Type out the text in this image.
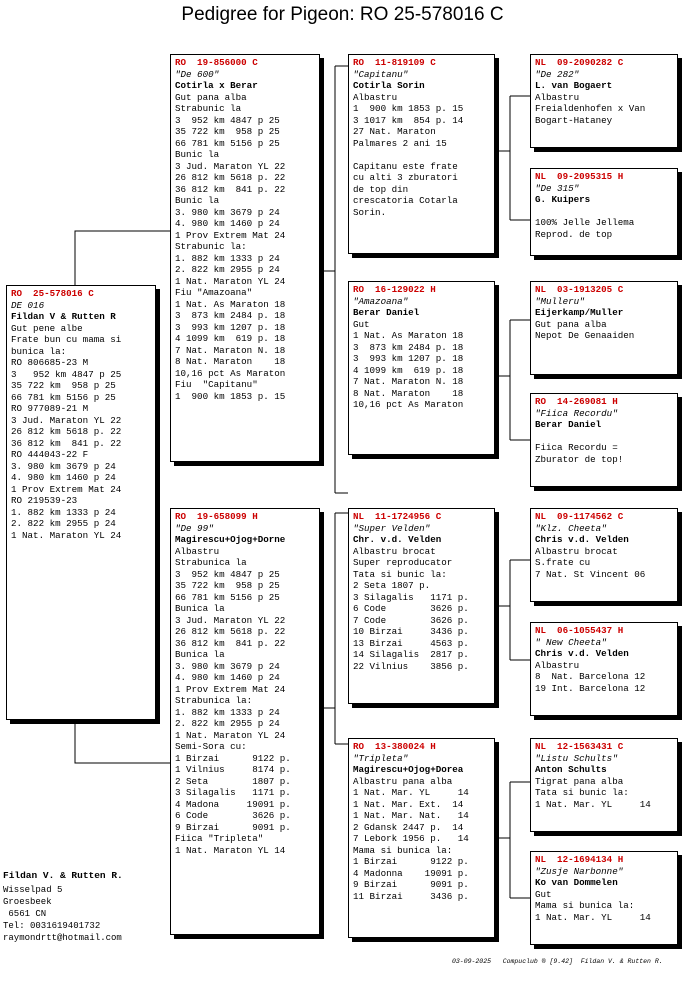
Pedigree for Pigeon: RO 25-578016 C
RO  25-578016 C
DE 016
Fildan V & Rutten R
Gut pene albe
Frate bun cu mama si
bunica la:
RO 806685-23 M
3   952 km 4847 p 25
35 722 km  958 p 25
66 781 km 5156 p 25
RO 977089-21 M
3 Jud. Maraton YL 22
26 812 km 5618 p. 22
36 812 km  841 p. 22
RO 444043-22 F
3. 980 km 3679 p 24
4. 980 km 1460 p 24
1 Prov Extrem Mat 24
RO 219539-23
1. 882 km 1333 p 24
2. 822 km 2955 p 24
1 Nat. Maraton YL 24
RO  19-856000 C
"De 600"
Cotirla x Berar
Gut pana alba
Strabunic la
3  952 km 4847 p 25
35 722 km  958 p 25
66 781 km 5156 p 25
Bunic la
3 Jud. Maraton YL 22
26 812 km 5618 p. 22
36 812 km  841 p. 22
Bunic la
3. 980 km 3679 p 24
4. 980 km 1460 p 24
1 Prov Extrem Mat 24
Strabunic la:
1. 882 km 1333 p 24
2. 822 km 2955 p 24
1 Nat. Maraton YL 24
Fiu "Amazoana"
1 Nat. As Maraton 18
3  873 km 2484 p. 18
3  993 km 1207 p. 18
4 1099 km  619 p. 18
7 Nat. Maraton N. 18
8 Nat. Maraton    18
10,16 pct As Maraton
Fiu  "Capitanu"
1  900 km 1853 p. 15
RO  19-658099 H
"De 99"
Magirescu+Ojog+Dorne
Albastru
Strabunica la
3  952 km 4847 p 25
35 722 km  958 p 25
66 781 km 5156 p 25
Bunica la
3 Jud. Maraton YL 22
26 812 km 5618 p. 22
36 812 km  841 p. 22
Bunica la
3. 980 km 3679 p 24
4. 980 km 1460 p 24
1 Prov Extrem Mat 24
Strabunica la:
1. 882 km 1333 p 24
2. 822 km 2955 p 24
1 Nat. Maraton YL 24
Semi-Sora cu:
1 Birzai      9122 p.
1 Vilnius     8174 p.
2 Seta        1807 p.
3 Silagalis   1171 p.
4 Madona     19091 p.
6 Code        3626 p.
9 Birzai      9091 p.
Fiica "Tripleta"
1 Nat. Maraton YL 14
RO  11-819109 C
"Capitanu"
Cotirla Sorin
Albastru
1  900 km 1853 p. 15
3 1017 km  854 p. 14
27 Nat. Maraton
Palmares 2 ani 15
Capitanu este frate
cu alti 3 zburatori
de top din
crescatoria Cotarla
Sorin.
RO  16-129022 H
"Amazoana"
Berar Daniel
Gut
1 Nat. As Maraton 18
3  873 km 2484 p. 18
3  993 km 1207 p. 18
4 1099 km  619 p. 18
7 Nat. Maraton N. 18
8 Nat. Maraton    18
10,16 pct As Maraton
NL  11-1724956 C
"Super Velden"
Chr. v.d. Velden
Albastru brocat
Super reproducator
Tata si bunic la:
2 Seta 1807 p.
3 Silagalis   1171 p.
6 Code        3626 p.
7 Code        3626 p.
10 Birzai     3436 p.
13 Birzai     4563 p.
14 Silagalis  2817 p.
22 Vilnius    3856 p.
RO  13-380024 H
"Tripleta"
Magirescu+Ojog+Dorea
Albastru pana alba
1 Nat. Mar. YL     14
1 Nat. Mar. Ext.  14
1 Nat. Mar. Nat.   14
2 Gdansk 2447 p.  14
7 Lebork 1956 p.   14
Mama si bunica la:
1 Birzai      9122 p.
4 Madonna    19091 p.
9 Birzai      9091 p.
11 Birzai     3436 p.
NL  09-2090282 C
"De 282"
L. van Bogaert
Albastru
Freialdenhofen x Van
Bogart-Hataney
NL  09-2095315 H
"De 315"
G. Kuipers
100% Jelle Jellema
Reprod. de top
NL  03-1913205 C
"Mulleru"
Eijerkamp/Muller
Gut pana alba
Nepot De Genaaiden
RO  14-269081 H
"Fiica Recordu"
Berar Daniel
Fiica Recordu =
Zburator de top!
NL  09-1174562 C
"Klz. Cheeta"
Chris v.d. Velden
Albastru brocat
S.frate cu
7 Nat. St Vincent 06
NL  06-1055437 H
" New Cheeta"
Chris v.d. Velden
Albastru
8  Nat. Barcelona 12
19 Int. Barcelona 12
NL  12-1563431 C
"Listu Schults"
Anton Schults
Tigrat pana alba
Tata si bunic la:
1 Nat. Mar. YL     14
NL  12-1694134 H
"Zusje Narbonne"
Ko van Dommelen
Gut
Mama si bunica la:
1 Nat. Mar. YL     14
Fildan V. & Rutten R.
Wisselpad 5
Groesbeek
6561 CN
Tel: 0031619401732
raymondrtt@hotmail.com
03-09-2025   Compuclub ® [9.42]  Fildan V. & Rutten R.
